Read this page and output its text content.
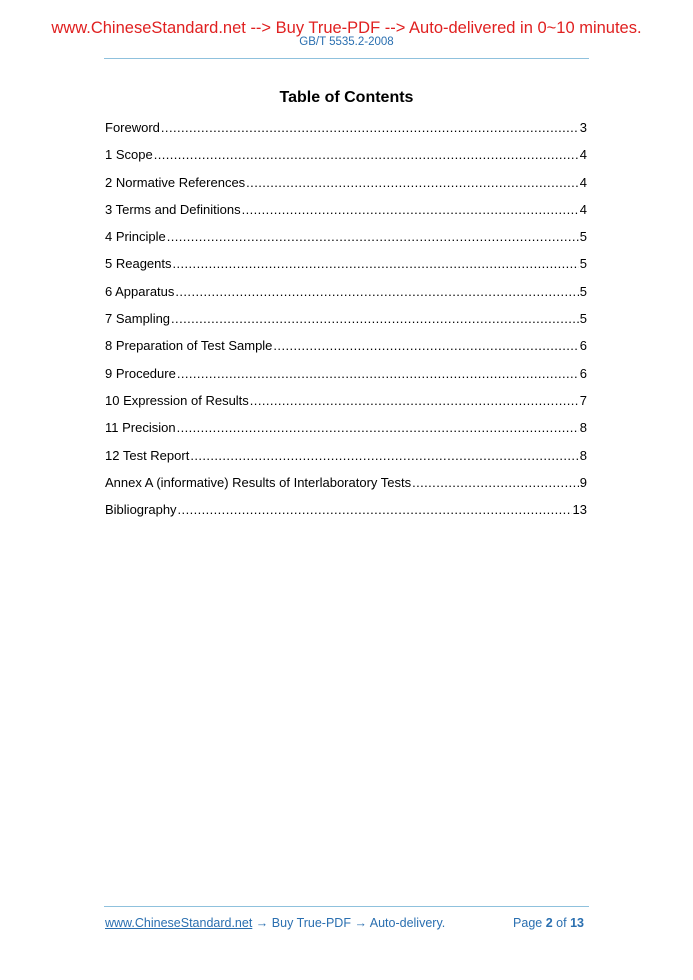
www.ChineseStandard.net --> Buy True-PDF --> Auto-delivered in 0~10 minutes.
GB/T 5535.2-2008
Table of Contents
Foreword .....	3
1 Scope .....	4
2 Normative References .....	4
3 Terms and Definitions .....	4
4 Principle .....	5
5 Reagents .....	5
6 Apparatus .....	5
7 Sampling .....	5
8 Preparation of Test Sample .....	6
9 Procedure .....	6
10 Expression of Results .....	7
11 Precision .....	8
12 Test Report .....	8
Annex A (informative) Results of Interlaboratory Tests .....	9
Bibliography .....	13
www.ChineseStandard.net → Buy True-PDF → Auto-delivery.	Page 2 of 13
